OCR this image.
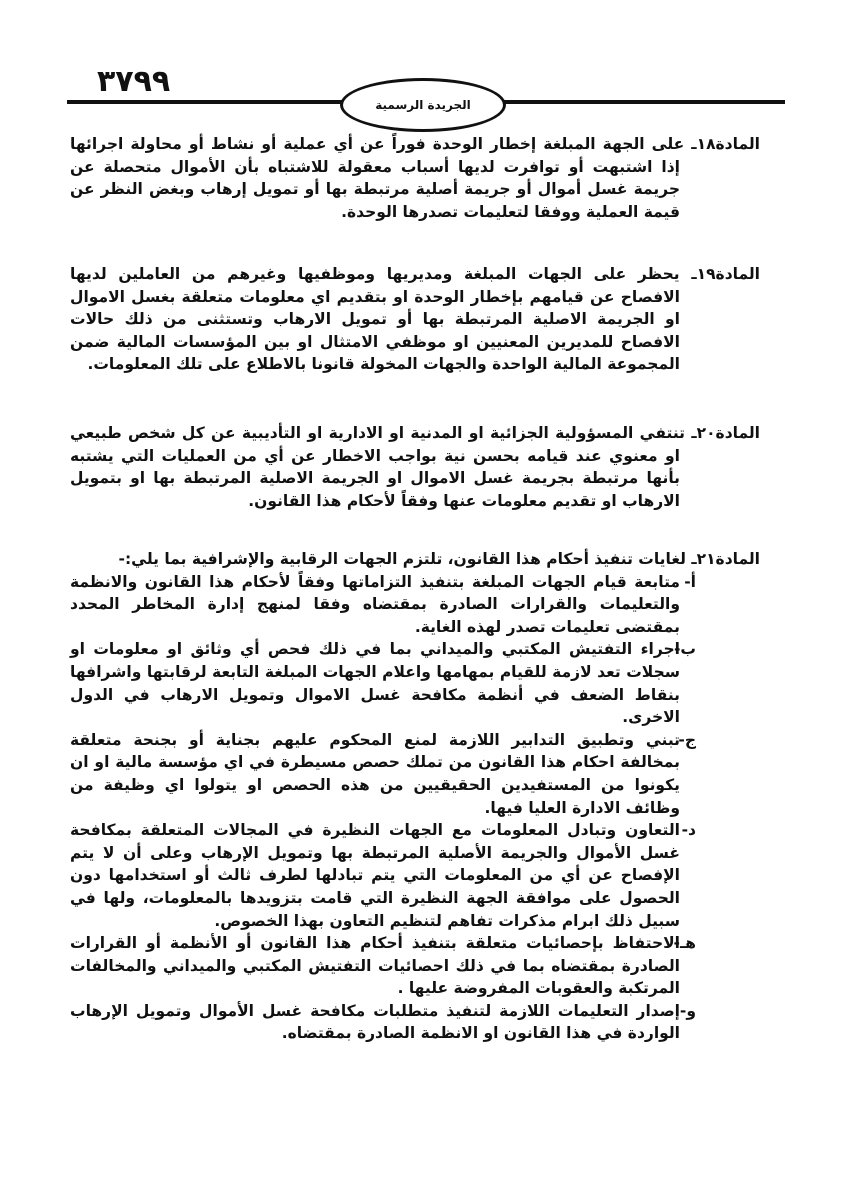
٣٧٩٩
الجريدة الرسمية
المادة١٨ـ على الجهة المبلغة إخطار الوحدة فوراً عن أي عملية أو نشاط أو محاولة اجرائها إذا اشتبهت أو توافرت لديها أسباب معقولة للاشتباه بأن الأموال متحصلة عن جريمة غسل أموال أو جريمة أصلية مرتبطة بها أو تمويل إرهاب وبغض النظر عن قيمة العملية ووفقا لتعليمات تصدرها الوحدة.
المادة١٩ـ يحظر على الجهات المبلغة ومديريها وموظفيها وغيرهم من العاملين لديها الافصاح عن قيامهم بإخطار الوحدة او بتقديم اي معلومات متعلقة بغسل الاموال او الجريمة الاصلية المرتبطة بها أو تمويل الارهاب وتستثنى من ذلك حالات الافصاح للمديرين المعنيين او موظفي الامتثال او بين المؤسسات المالية ضمن المجموعة المالية الواحدة والجهات المخولة قانونا بالاطلاع على تلك المعلومات.
المادة٢٠ـ تنتفي المسؤولية الجزائية او المدنية او الادارية او التأديبية عن كل شخص طبيعي او معنوي عند قيامه بحسن نية بواجب الاخطار عن أي من العمليات التي يشتبه بأنها مرتبطة بجريمة غسل الاموال او الجريمة الاصلية المرتبطة بها او بتمويل الارهاب او تقديم معلومات عنها وفقاً لأحكام هذا القانون.
المادة٢١ـ لغايات تنفيذ أحكام هذا القانون، تلتزم الجهات الرقابية والإشرافية بما يلي:-
أ-
متابعة قيام الجهات المبلغة بتنفيذ التزاماتها وفقاً لأحكام هذا القانون والانظمة والتعليمات والقرارات الصادرة بمقتضاه وفقا لمنهج إدارة المخاطر المحدد بمقتضى تعليمات تصدر لهذه الغاية.
ب-
اجراء التفتيش المكتبي والميداني بما في ذلك فحص أي وثائق او معلومات او سجلات تعد لازمة للقيام بمهامها واعلام الجهات المبلغة التابعة لرقابتها واشرافها بنقاط الضعف في أنظمة مكافحة غسل الاموال وتمويل الارهاب في الدول الاخرى.
ج-
تبني وتطبيق التدابير اللازمة لمنع المحكوم عليهم بجناية أو بجنحة متعلقة بمخالفة احكام هذا القانون من تملك حصص مسيطرة في اي مؤسسة مالية او ان يكونوا من المستفيدين الحقيقيين من هذه الحصص او يتولوا اي وظيفة من وظائف الادارة العليا فيها.
د-
التعاون وتبادل المعلومات مع الجهات النظيرة في المجالات المتعلقة بمكافحة غسل الأموال والجريمة الأصلية المرتبطة بها وتمويل الإرهاب وعلى أن لا يتم الإفصاح عن أي من المعلومات التي يتم تبادلها لطرف ثالث أو استخدامها دون الحصول على موافقة الجهة النظيرة التي قامت بتزويدها بالمعلومات، ولها في سبيل ذلك ابرام مذكرات تفاهم لتنظيم التعاون بهذا الخصوص.
هـ-
الاحتفاظ بإحصائيات متعلقة بتنفيذ أحكام هذا القانون أو الأنظمة أو القرارات الصادرة بمقتضاه بما في ذلك احصائيات التفتيش المكتبي والميداني والمخالفات المرتكبة والعقوبات المفروضة عليها .
و-
إصدار التعليمات اللازمة لتنفيذ متطلبات مكافحة غسل الأموال وتمويل الإرهاب الواردة في هذا القانون او الانظمة الصادرة بمقتضاه.
